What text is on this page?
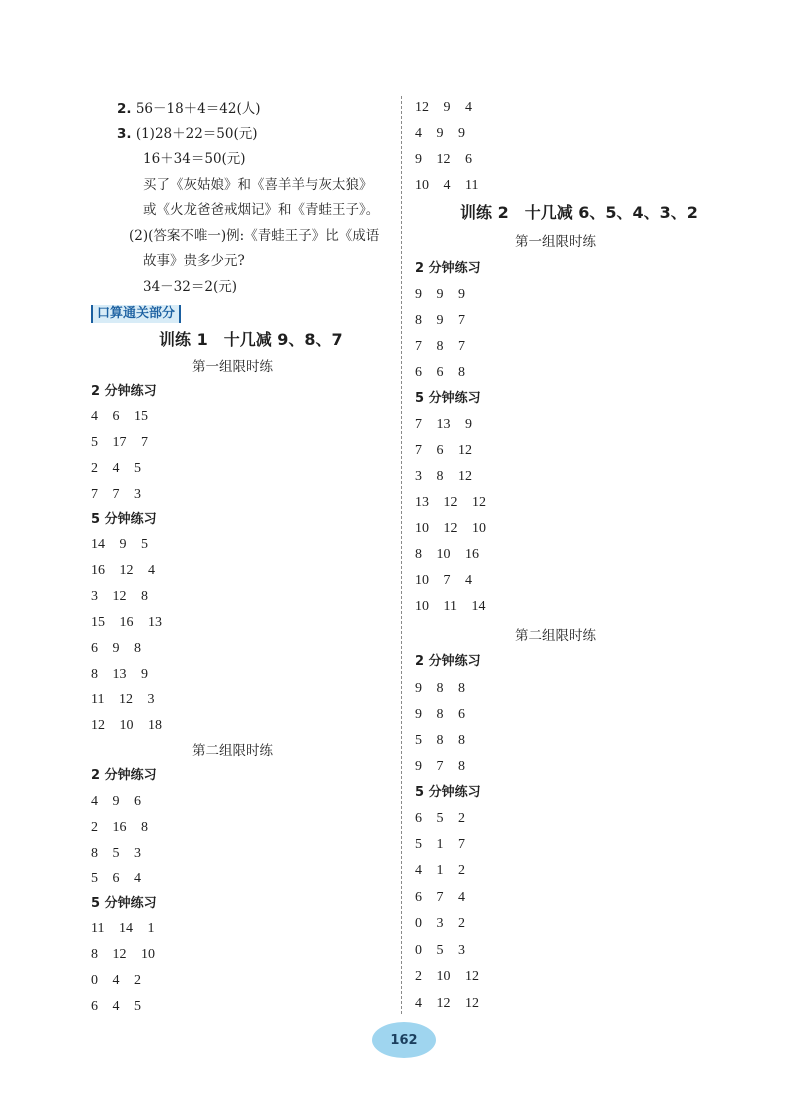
2. 56－18＋4＝42(人)
3. (1)28＋22＝50(元)
16＋34＝50(元)
买了《灰姑娘》和《喜羊羊与灰太狼》
或《火龙爸爸戒烟记》和《青蛙王子》。
(2)(答案不唯一)例:《青蛙王子》比《成语
故事》贵多少元?
34－32＝2(元)
口算通关部分
训练 1　十几减 9、8、7
第一组限时练
2 分钟练习
4 6 15
5 17 7
2 4 5
7 7 3
5 分钟练习
14 9 5
16 12 4
3 12 8
15 16 13
6 9 8
8 13 9
11 12 3
12 10 18
第二组限时练
2 分钟练习
4 9 6
2 16 8
8 5 3
5 6 4
5 分钟练习
11 14 1
8 12 10
0 4 2
6 4 5
12 9 4
4 9 9
9 12 6
10 4 11
训练 2　十几减 6、5、4、3、2
第一组限时练
2 分钟练习
9 9 9
8 9 7
7 8 7
6 6 8
5 分钟练习
7 13 9
7 6 12
3 8 12
13 12 12
10 12 10
8 10 16
10 7 4
10 11 14
第二组限时练
2 分钟练习
9 8 8
9 8 6
5 8 8
9 7 8
5 分钟练习
6 5 2
5 1 7
4 1 2
6 7 4
0 3 2
0 5 3
2 10 12
4 12 12
162
